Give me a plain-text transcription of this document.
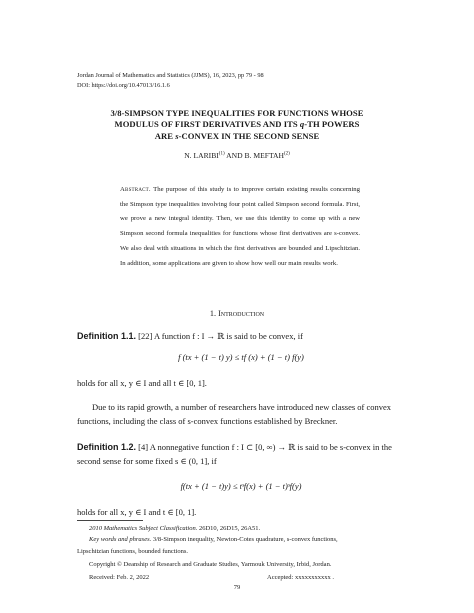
Jordan Journal of Mathematics and Statistics (JJMS), 16, 2023, pp 79 - 98
DOI: https://doi.org/10.47013/16.1.6
3/8-SIMPSON TYPE INEQUALITIES FOR FUNCTIONS WHOSE
MODULUS OF FIRST DERIVATIVES AND ITS q-TH POWERS
ARE s-CONVEX IN THE SECOND SENSE
N. LARIBI$^{(1)}$ AND B. MEFTAH$^{(2)}$
Abstract. The purpose of this study is to improve certain existing results concerning the Simpson type inequalities involving four point called Simpson second formula. First, we prove a new integral identity. Then, we use this identity to come up with a new Simpson second formula inequalities for functions whose first derivatives are s-convex. We also deal with situations in which the first derivatives are bounded and Lipschitzian. In addition, some applications are given to show how well our main results work.
1. Introduction
Definition 1.1. [22] A function f : I → ℝ is said to be convex, if
f (tx + (1 − t) y) ≤ tf (x) + (1 − t) f(y)
holds for all x, y ∈ I and all t ∈ [0, 1].
Due to its rapid growth, a number of researchers have introduced new classes of convex functions, including the class of s-convex functions established by Breckner.
Definition 1.2. [4] A nonnegative function f : I ⊂ [0, ∞) → ℝ is said to be s-convex in the second sense for some fixed s ∈ (0, 1], if
f(tx + (1 − t)y) ≤ tˢf(x) + (1 − t)ˢf(y)
holds for all x, y ∈ I and t ∈ [0, 1].
2010 Mathematics Subject Classification. 26D10, 26D15, 26A51.
Key words and phrases. 3/8-Simpson inequality, Newton-Cotes quadrature, s-convex functions,
Lipschitzian functions, bounded functions.
Copyright © Deanship of Research and Graduate Studies, Yarmouk University, Irbid, Jordan.
Received: Feb. 2, 2022	Accepted: xxxxxxxxxxx .
79
